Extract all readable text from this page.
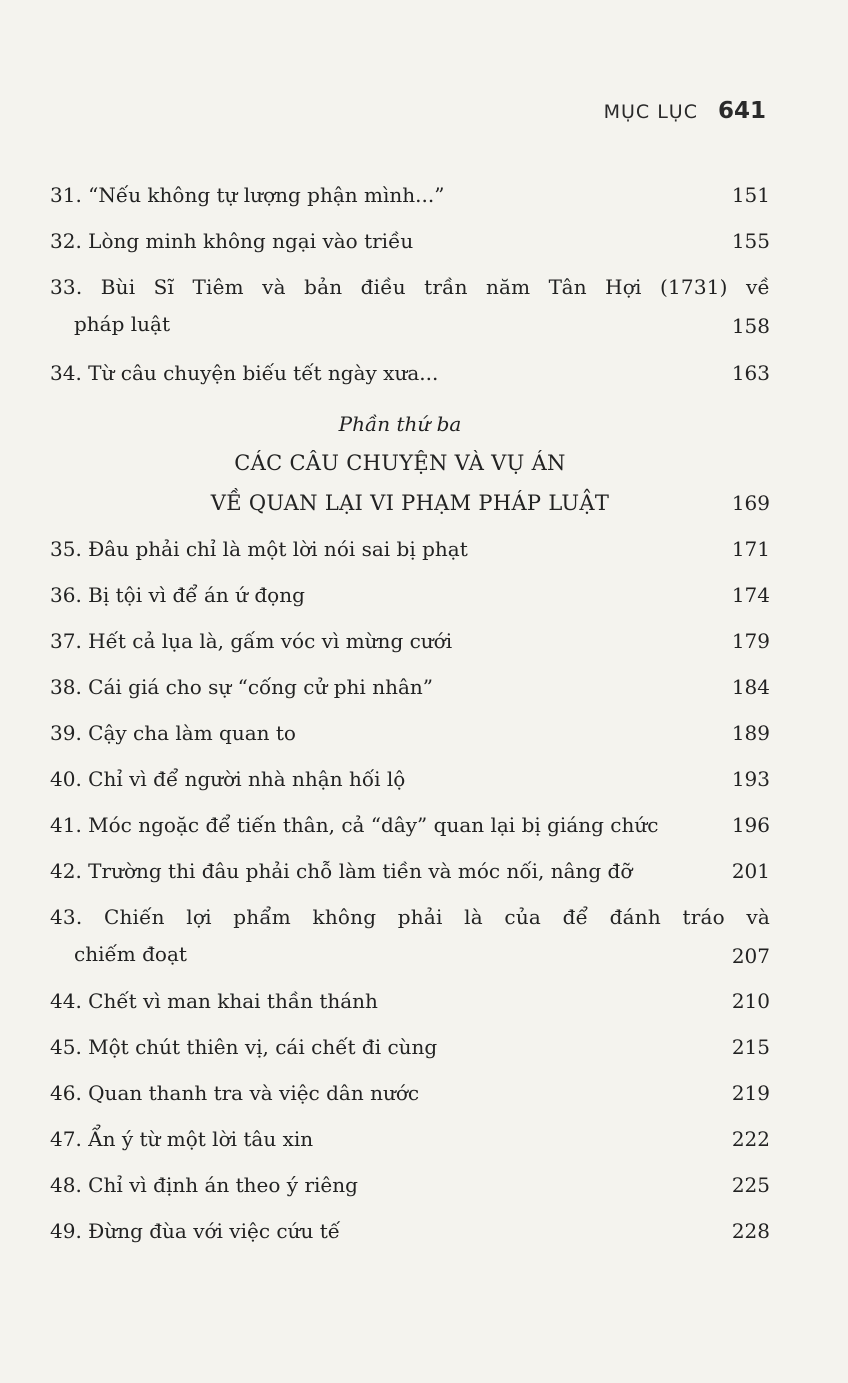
MỤC LỤC 641
31. “Nếu không tự lượng phận mình...”	151
32. Lòng minh không ngại vào triều	155
33. Bùi Sĩ Tiêm và bản điều trần năm Tân Hợi (1731) về
pháp luật	158
34. Từ câu chuyện biếu tết ngày xưa...	163
Phần thứ ba
CÁC CÂU CHUYỆN VÀ VỤ ÁN
VỀ QUAN LẠI VI PHẠM PHÁP LUẬT	169
35. Đâu phải chỉ là một lời nói sai bị phạt	171
36. Bị tội vì để án ứ đọng	174
37. Hết cả lụa là, gấm vóc vì mừng cưới	179
38. Cái giá cho sự “cống cử phi nhân”	184
39. Cậy cha làm quan to	189
40. Chỉ vì để người nhà nhận hối lộ	193
41. Móc ngoặc để tiến thân, cả “dây” quan lại bị giáng chức	196
42. Trường thi đâu phải chỗ làm tiền và móc nối, nâng đỡ	201
43. Chiến lợi phẩm không phải là của để đánh tráo và
chiếm đoạt	207
44. Chết vì man khai thần thánh	210
45. Một chút thiên vị, cái chết đi cùng	215
46. Quan thanh tra và việc dân nước	219
47. Ẩn ý từ một lời tâu xin	222
48. Chỉ vì định án theo ý riêng	225
49. Đừng đùa với việc cứu tế	228
